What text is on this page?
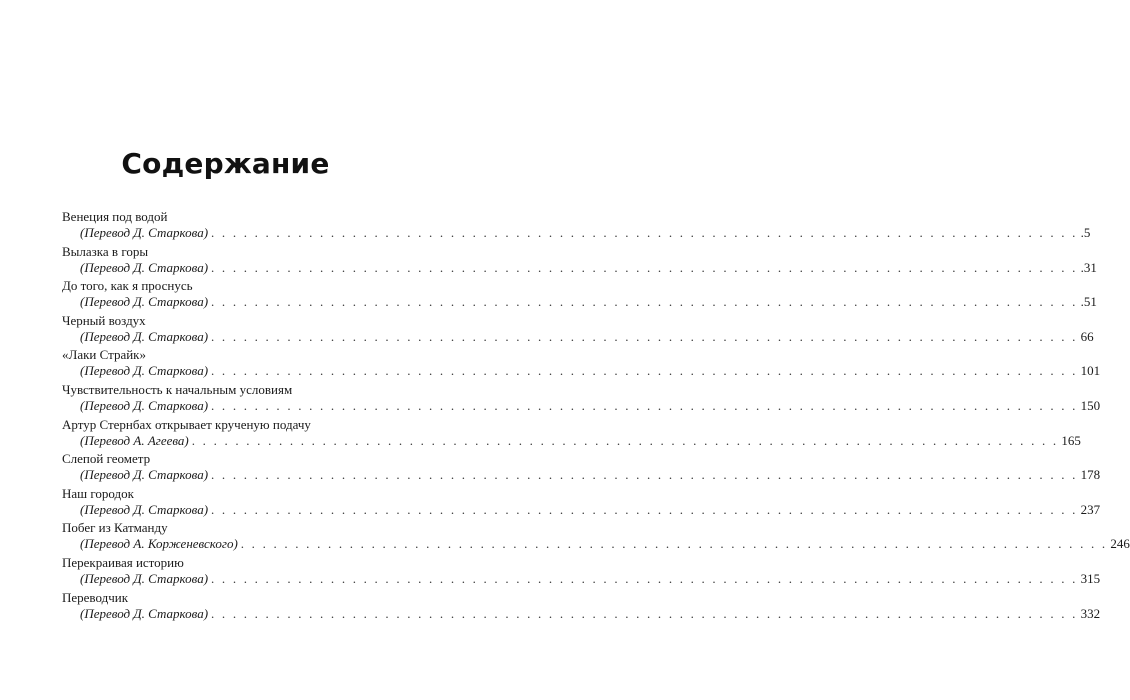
Содержание
Венеция под водой
(Перевод Д. Старкова) . . . . . . . . . . . . . . . . . . . . . . . . . . . . . . . . . . . . . . . . . . . . . . . . . . . . . . . . . . . . . . . . . . . . . . . . . . . . . . . . .5
Вылазка в горы
(Перевод Д. Старкова) . . . . . . . . . . . . . . . . . . . . . . . . . . . . . . . . . . . . . . . . . . . . . . . . . . . . . . . . . . . . . . . . . . . . . . . . . . . . . . . . .31
До того, как я проснусь
(Перевод Д. Старкова) . . . . . . . . . . . . . . . . . . . . . . . . . . . . . . . . . . . . . . . . . . . . . . . . . . . . . . . . . . . . . . . . . . . . . . . . . . . . . . . . .51
Черный воздух
(Перевод Д. Старкова) . . . . . . . . . . . . . . . . . . . . . . . . . . . . . . . . . . . . . . . . . . . . . . . . . . . . . . . . . . . . . . . . . . . . . . . . . . . . . . . . 66
«Лаки Страйк»
(Перевод Д. Старкова) . . . . . . . . . . . . . . . . . . . . . . . . . . . . . . . . . . . . . . . . . . . . . . . . . . . . . . . . . . . . . . . . . . . . . . . . . . . . . . . . 101
Чувствительность к начальным условиям
(Перевод Д. Старкова) . . . . . . . . . . . . . . . . . . . . . . . . . . . . . . . . . . . . . . . . . . . . . . . . . . . . . . . . . . . . . . . . . . . . . . . . . . . . . . . . 150
Артур Стернбах открывает крученую подачу
(Перевод А. Агеева) . . . . . . . . . . . . . . . . . . . . . . . . . . . . . . . . . . . . . . . . . . . . . . . . . . . . . . . . . . . . . . . . . . . . . . . . . . . . . . . . 165
Слепой геометр
(Перевод Д. Старкова) . . . . . . . . . . . . . . . . . . . . . . . . . . . . . . . . . . . . . . . . . . . . . . . . . . . . . . . . . . . . . . . . . . . . . . . . . . . . . . . . 178
Наш городок
(Перевод Д. Старкова) . . . . . . . . . . . . . . . . . . . . . . . . . . . . . . . . . . . . . . . . . . . . . . . . . . . . . . . . . . . . . . . . . . . . . . . . . . . . . . . . 237
Побег из Катманду
(Перевод А. Корженевского) . . . . . . . . . . . . . . . . . . . . . . . . . . . . . . . . . . . . . . . . . . . . . . . . . . . . . . . . . . . . . . . . . . . . . . . . . . . . . . . . 246
Перекраивая историю
(Перевод Д. Старкова) . . . . . . . . . . . . . . . . . . . . . . . . . . . . . . . . . . . . . . . . . . . . . . . . . . . . . . . . . . . . . . . . . . . . . . . . . . . . . . . . 315
Переводчик
(Перевод Д. Старкова) . . . . . . . . . . . . . . . . . . . . . . . . . . . . . . . . . . . . . . . . . . . . . . . . . . . . . . . . . . . . . . . . . . . . . . . . . . . . . . . . 332
